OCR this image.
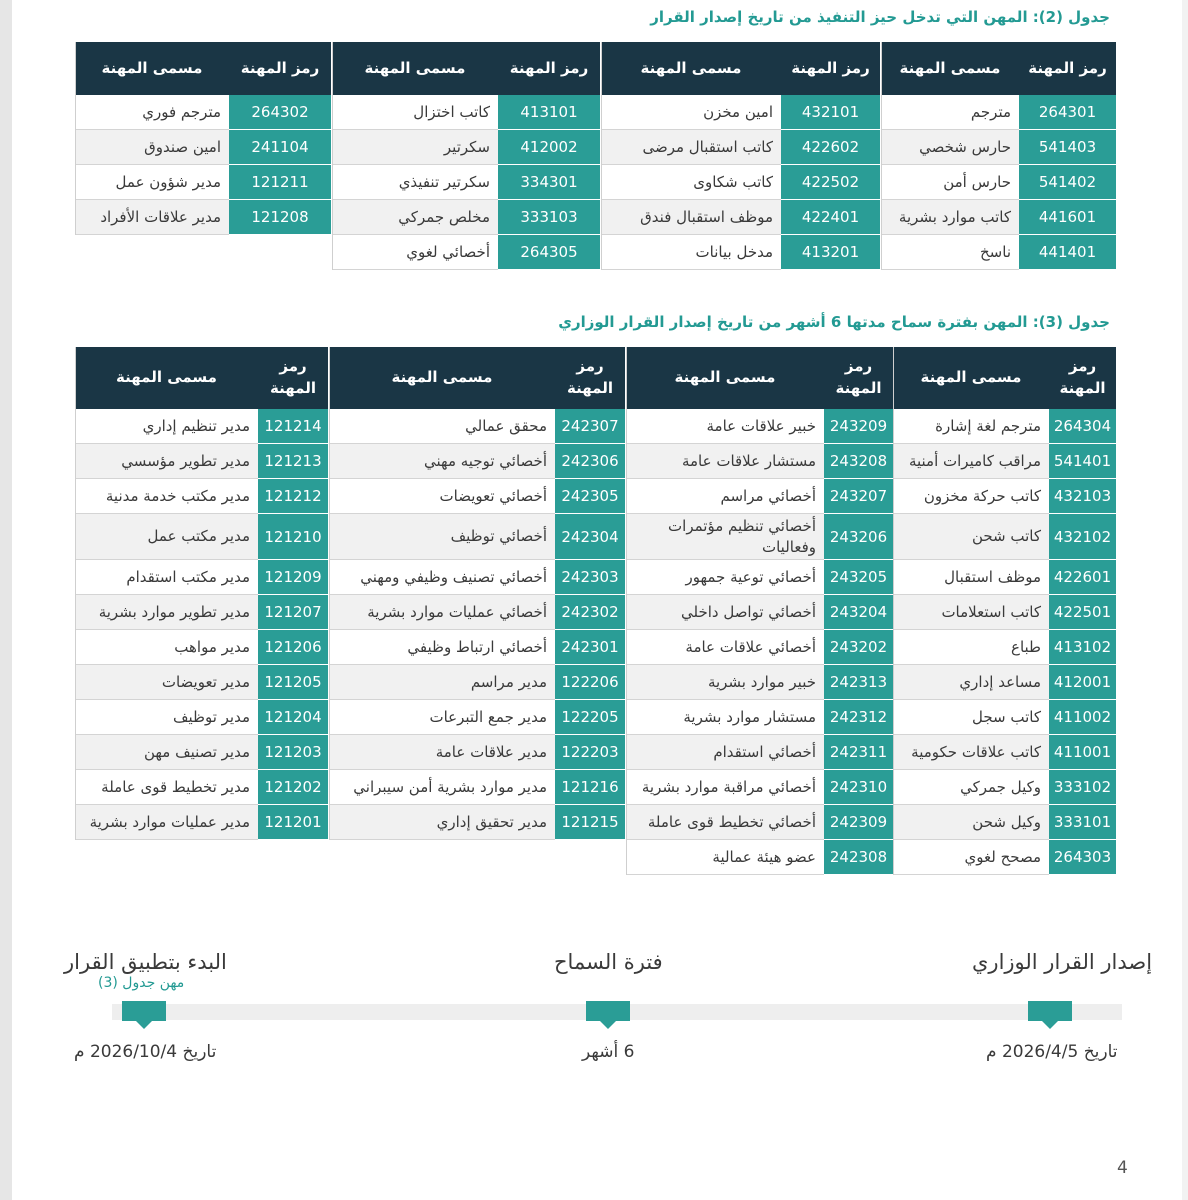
جدول (2): المهن التي تدخل حيز التنفيذ من تاريخ إصدار القرار
رمز المهنة
مسمى المهنة
264301
مترجم
541403
حارس شخصي
541402
حارس أمن
441601
كاتب موارد بشرية
441401
ناسخ
رمز المهنة
مسمى المهنة
432101
امين مخزن
422602
كاتب استقبال مرضى
422502
كاتب شكاوى
422401
موظف استقبال فندق
413201
مدخل بيانات
رمز المهنة
مسمى المهنة
413101
كاتب اختزال
412002
سكرتير
334301
سكرتير تنفيذي
333103
مخلص جمركي
264305
أخصائي لغوي
رمز المهنة
مسمى المهنة
264302
مترجم فوري
241104
امين صندوق
121211
مدير شؤون عمل
121208
مدير علاقات الأفراد
جدول (3): المهن بفترة سماح مدتها 6 أشهر من تاريخ إصدار القرار الوزاري
رمز المهنة
مسمى المهنة
264304
مترجم لغة إشارة
541401
مراقب كاميرات أمنية
432103
كاتب حركة مخزون
432102
كاتب شحن
422601
موظف استقبال
422501
كاتب استعلامات
413102
طباع
412001
مساعد إداري
411002
كاتب سجل
411001
كاتب علاقات حكومية
333102
وكيل جمركي
333101
وكيل شحن
264303
مصحح لغوي
رمز المهنة
مسمى المهنة
243209
خبير علاقات عامة
243208
مستشار علاقات عامة
243207
أخصائي مراسم
243206
أخصائي تنظيم مؤتمرات وفعاليات
243205
أخصائي توعية جمهور
243204
أخصائي تواصل داخلي
243202
أخصائي علاقات عامة
242313
خبير موارد بشرية
242312
مستشار موارد بشرية
242311
أخصائي استقدام
242310
أخصائي مراقبة موارد بشرية
242309
أخصائي تخطيط قوى عاملة
242308
عضو هيئة عمالية
رمز المهنة
مسمى المهنة
242307
محقق عمالي
242306
أخصائي توجيه مهني
242305
أخصائي تعويضات
242304
أخصائي توظيف
242303
أخصائي تصنيف وظيفي ومهني
242302
أخصائي عمليات موارد بشرية
242301
أخصائي ارتباط وظيفي
122206
مدير مراسم
122205
مدير جمع التبرعات
122203
مدير علاقات عامة
121216
مدير موارد بشرية أمن سيبراني
121215
مدير تحقيق إداري
رمز المهنة
مسمى المهنة
121214
مدير تنظيم إداري
121213
مدير تطوير مؤسسي
121212
مدير مكتب خدمة مدنية
121210
مدير مكتب عمل
121209
مدير مكتب استقدام
121207
مدير تطوير موارد بشرية
121206
مدير مواهب
121205
مدير تعويضات
121204
مدير توظيف
121203
مدير تصنيف مهن
121202
مدير تخطيط قوى عاملة
121201
مدير عمليات موارد بشرية
إصدار القرار الوزاري
فترة السماح
البدء بتطبيق القرار
مهن جدول (3)
تاريخ 2026/4/5 م
6 أشهر
تاريخ 2026/10/4 م
4
